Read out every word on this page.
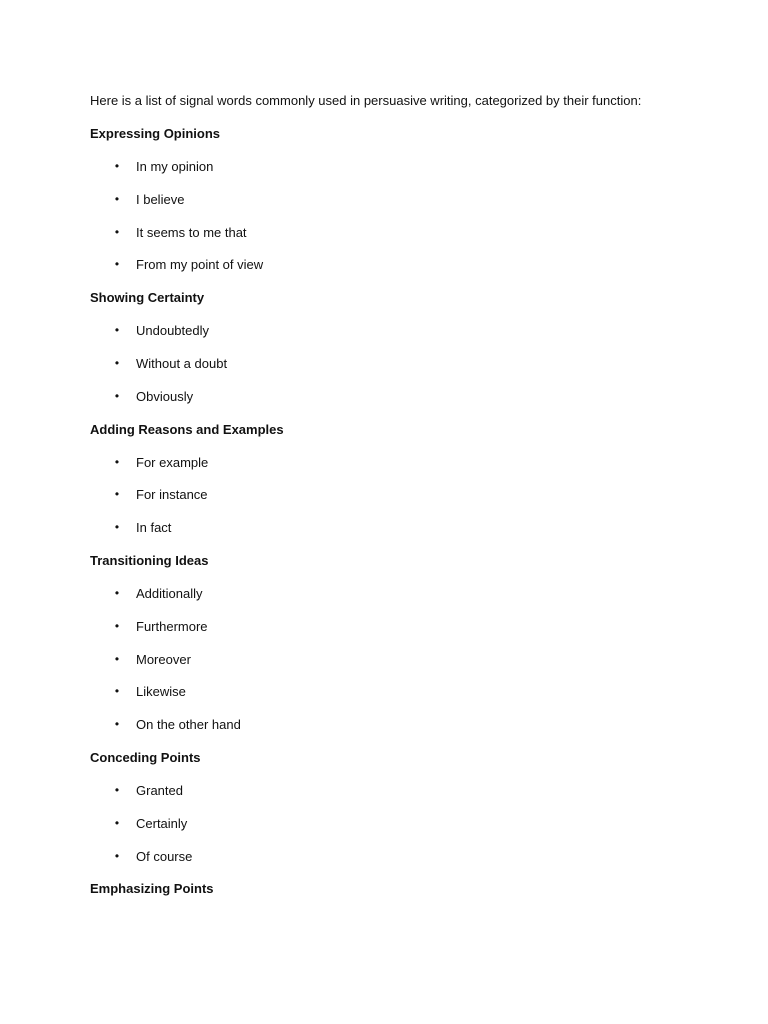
Here is a list of signal words commonly used in persuasive writing, categorized by their function:

Expressing Opinions

• In my opinion
• I believe
• It seems to me that
• From my point of view

Showing Certainty

• Undoubtedly
• Without a doubt
• Obviously

Adding Reasons and Examples

• For example
• For instance
• In fact

Transitioning Ideas

• Additionally
• Furthermore
• Moreover
• Likewise
• On the other hand

Conceding Points

• Granted
• Certainly
• Of course

Emphasizing Points
